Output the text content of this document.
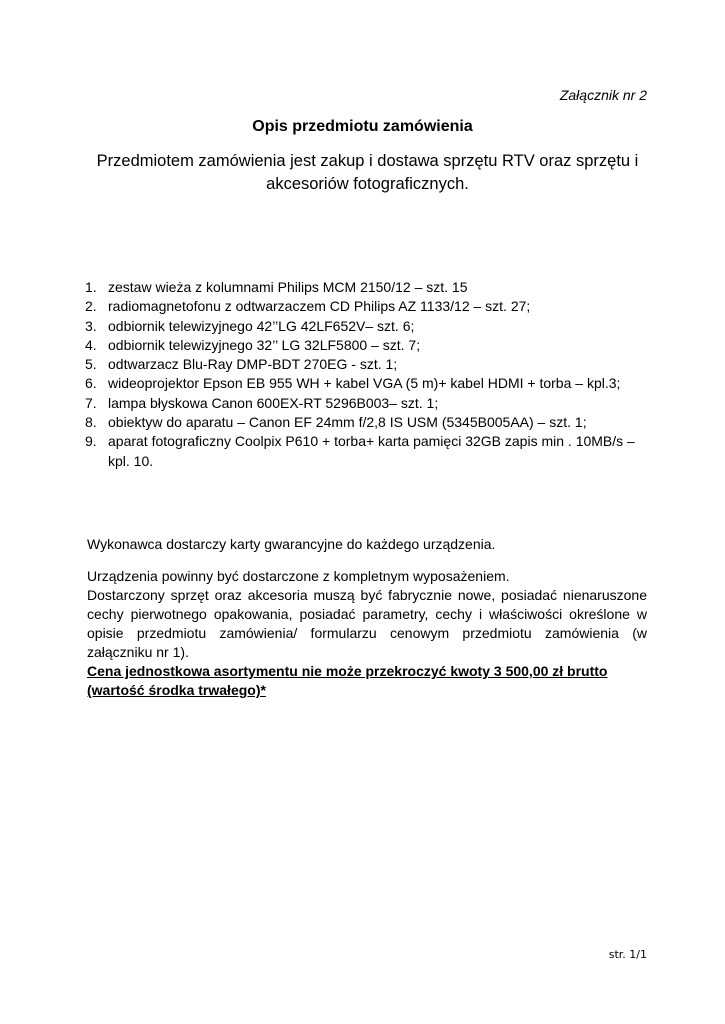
Załącznik nr 2
Opis przedmiotu zamówienia
Przedmiotem zamówienia jest zakup i dostawa sprzętu RTV oraz sprzętu i akcesoriów fotograficznych.
1. zestaw wieża z kolumnami Philips MCM 2150/12 – szt. 15
2. radiomagnetofonu z odtwarzaczem CD Philips AZ 1133/12 – szt. 27;
3. odbiornik telewizyjnego 42’’LG 42LF652V– szt. 6;
4. odbiornik telewizyjnego 32’’ LG 32LF5800 – szt. 7;
5. odtwarzacz Blu-Ray DMP-BDT 270EG - szt. 1;
6. wideoprojektor Epson EB 955 WH + kabel VGA (5 m)+ kabel HDMI + torba – kpl.3;
7. lampa błyskowa Canon 600EX-RT 5296B003– szt. 1;
8. obiektyw do aparatu – Canon EF 24mm f/2,8 IS USM (5345B005AA) – szt. 1;
9. aparat fotograficzny Coolpix P610 + torba+ karta pamięci 32GB zapis min . 10MB/s – kpl. 10.

Wykonawca dostarczy karty gwarancyjne do każdego urządzenia.

Urządzenia powinny być dostarczone z kompletnym wyposażeniem.

Dostarczony sprzęt oraz akcesoria muszą być fabrycznie nowe, posiadać nienaruszone cechy pierwotnego opakowania, posiadać parametry, cechy i właściwości określone w opisie przedmiotu zamówienia/ formularzu cenowym przedmiotu zamówienia (w załączniku nr 1).

Cena jednostkowa asortymentu nie może przekroczyć kwoty 3 500,00 zł brutto (wartość środka trwałego)*

str. 1/1
